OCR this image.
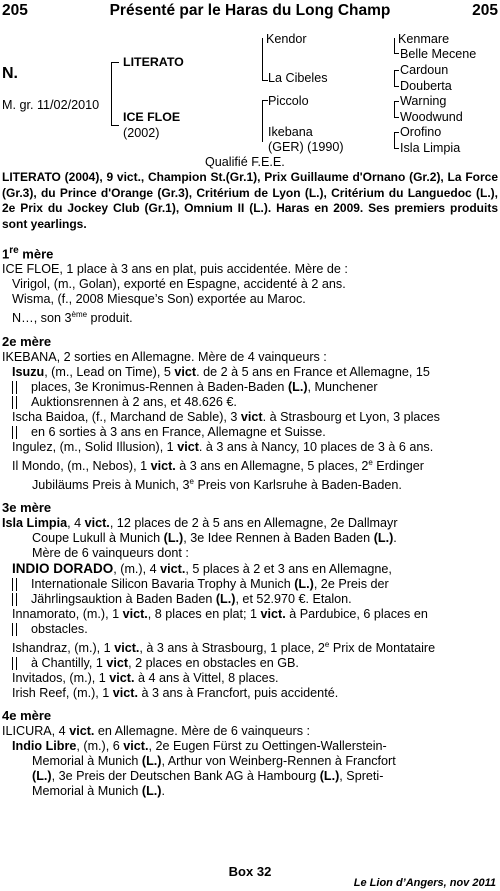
205	Présenté par le Haras du Long Champ	205
N.
M. gr. 11/02/2010
LITERATO
ICE FLOE
(2002)
Kendor
La Cibeles
Piccolo
Ikebana
(GER) (1990)
Kenmare
Belle Mecene
Cardoun
Douberta
Warning
Woodwund
Orofino
Isla Limpia
Qualifié F.E.E.
LITERATO (2004), 9 vict., Champion St.(Gr.1), Prix Guillaume d'Ornano (Gr.2), La Force (Gr.3), du Prince d'Orange (Gr.3), Critérium de Lyon (L.), Critérium du Languedoc (L.), 2e Prix du Jockey Club (Gr.1), Omnium II (L.). Haras en 2009. Ses premiers produits sont yearlings.
1re mère
ICE FLOE, 1 place à 3 ans en plat, puis accidentée. Mère de :
Virigol, (m., Golan), exporté en Espagne, accidenté à 2 ans.
Wisma, (f., 2008 Miesque’s Son) exportée au Maroc.
N…, son 3ème produit.
2e mère
IKEBANA, 2 sorties en Allemagne. Mère de 4 vainqueurs :
Isuzu, (m., Lead on Time), 5 vict. de 2 à 5 ans en France et Allemagne, 15
places, 3e Kronimus-Rennen à Baden-Baden (L.), Munchener
Auktionsrennen à 2 ans, et 48.626 €.
Ischa Baidoa, (f., Marchand de Sable), 3 vict. à Strasbourg et Lyon, 3 places
en 6 sorties à 3 ans en France, Allemagne et Suisse.
Ingulez, (m., Solid Illusion), 1 vict. à 3 ans à Nancy, 10 places de 3 à 6 ans.
Il Mondo, (m., Nebos), 1 vict. à 3 ans en Allemagne, 5 places, 2e Erdinger
Jubiläums Preis à Munich, 3e Preis von Karlsruhe à Baden-Baden.
3e mère
Isla Limpia, 4 vict., 12 places de 2 à 5 ans en Allemagne, 2e Dallmayr
Coupe Lukull à Munich (L.), 3e Idee Rennen à Baden Baden (L.).
Mère de 6 vainqueurs dont :
INDIO DORADO, (m.), 4 vict., 5 places à 2 et 3 ans en Allemagne,
Internationale Silicon Bavaria Trophy à Munich (L.), 2e Preis der
Jährlingsauktion à Baden Baden (L.), et 52.970 €. Etalon.
Innamorato, (m.), 1 vict., 8 places en plat; 1 vict. à Pardubice, 6 places en
obstacles.
Ishandraz, (m.), 1 vict., à 3 ans à Strasbourg, 1 place, 2e Prix de Montataire
à Chantilly, 1 vict, 2 places en obstacles en GB.
Invitados, (m.), 1 vict. à 4 ans à Vittel, 8 places.
Irish Reef, (m.), 1 vict. à 3 ans à Francfort, puis accidenté.
4e mère
ILICURA, 4 vict. en Allemagne. Mère de 6 vainqueurs :
Indio Libre, (m.), 6 vict., 2e Eugen Fürst zu Oettingen-Wallerstein-
Memorial à Munich (L.), Arthur von Weinberg-Rennen à Francfort
(L.), 3e Preis der Deutschen Bank AG à Hambourg (L.), Spreti-
Memorial à Munich (L.).
Box 32
Le Lion d’Angers, nov 2011
